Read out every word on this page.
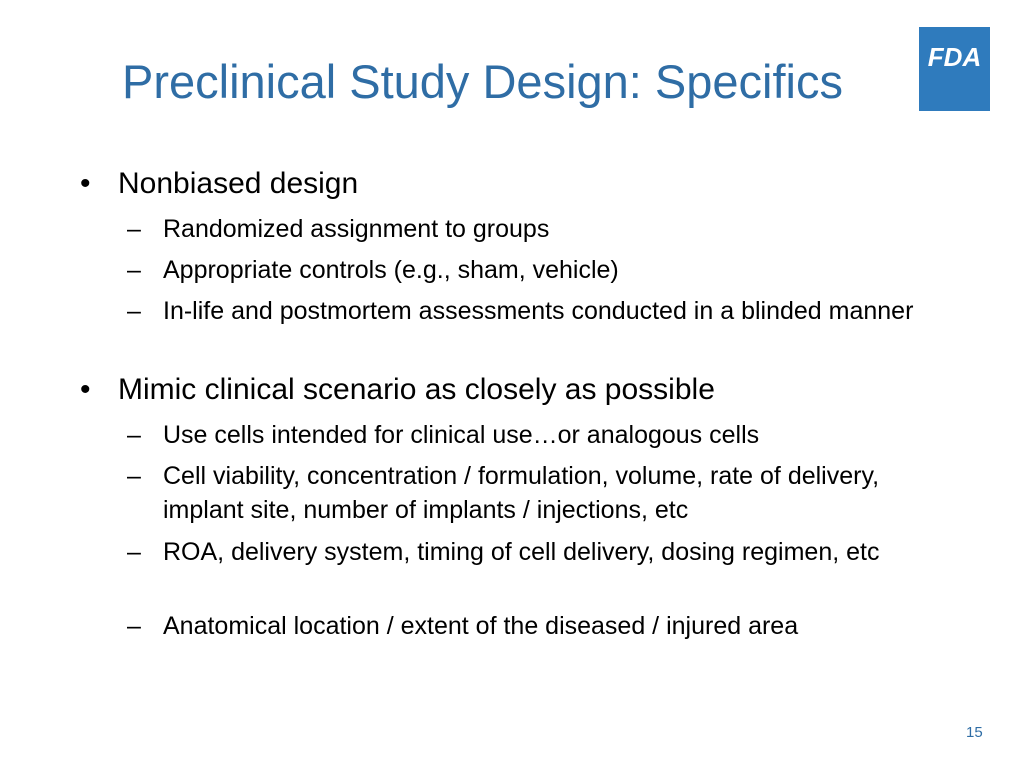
Preclinical Study Design: Specifics	FDA
• Nonbiased design
– Randomized assignment to groups
– Appropriate controls (e.g., sham, vehicle)
– In-life and postmortem assessments conducted in a blinded manner
• Mimic clinical scenario as closely as possible
– Use cells intended for clinical use…or analogous cells
– Cell viability, concentration / formulation, volume, rate of delivery, implant site, number of implants / injections, etc
– ROA, delivery system, timing of cell delivery, dosing regimen, etc
– Anatomical location / extent of the diseased / injured area
15
